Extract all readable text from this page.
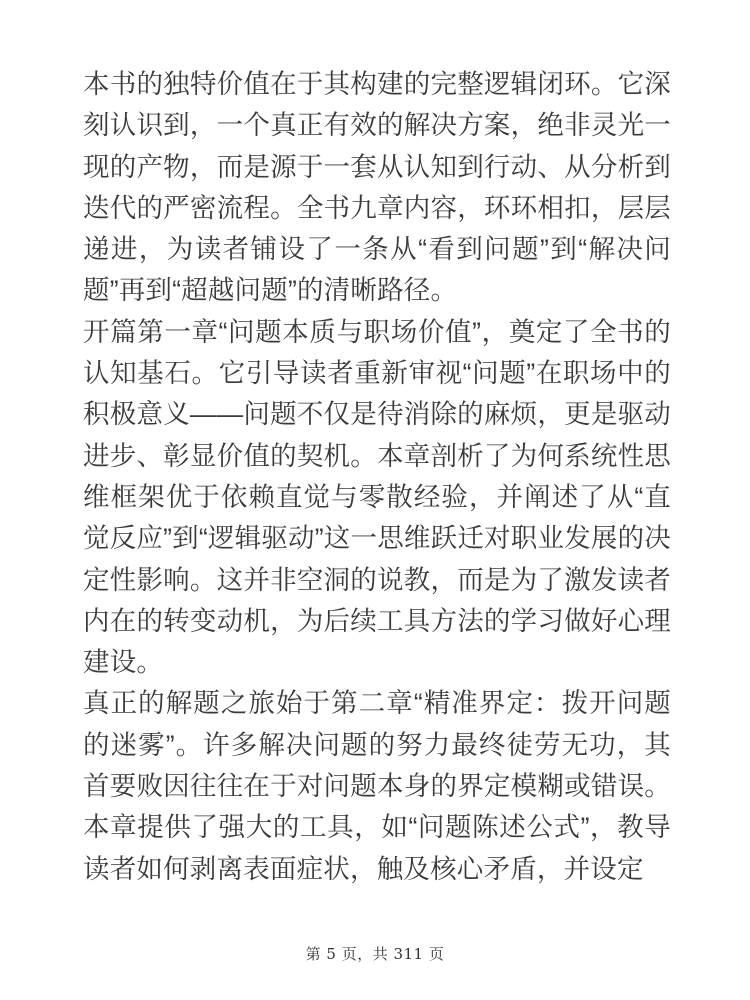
本书的独特价值在于其构建的完整逻辑闭环。它深刻认识到，一个真正有效的解决方案，绝非灵光一现的产物，而是源于一套从认知到行动、从分析到迭代的严密流程。全书九章内容，环环相扣，层层递进，为读者铺设了一条从“看到问题”到“解决问题”再到“超越问题”的清晰路径。

开篇第一章“问题本质与职场价值”，奠定了全书的认知基石。它引导读者重新审视“问题”在职场中的积极意义——问题不仅是待消除的麻烦，更是驱动进步、彰显价值的契机。本章剖析了为何系统性思维框架优于依赖直觉与零散经验，并阐述了从“直觉反应”到“逻辑驱动”这一思维跃迁对职业发展的决定性影响。这并非空洞的说教，而是为了激发读者内在的转变动机，为后续工具方法的学习做好心理建设。

真正的解题之旅始于第二章“精准界定：拨开问题的迷雾”。许多解决问题的努力最终徒劳无功，其首要败因往往在于对问题本身的界定模糊或错误。本章提供了强大的工具，如“问题陈述公式”，教导读者如何剥离表面症状，触及核心矛盾，并设定

第 5 页，共 311 页
